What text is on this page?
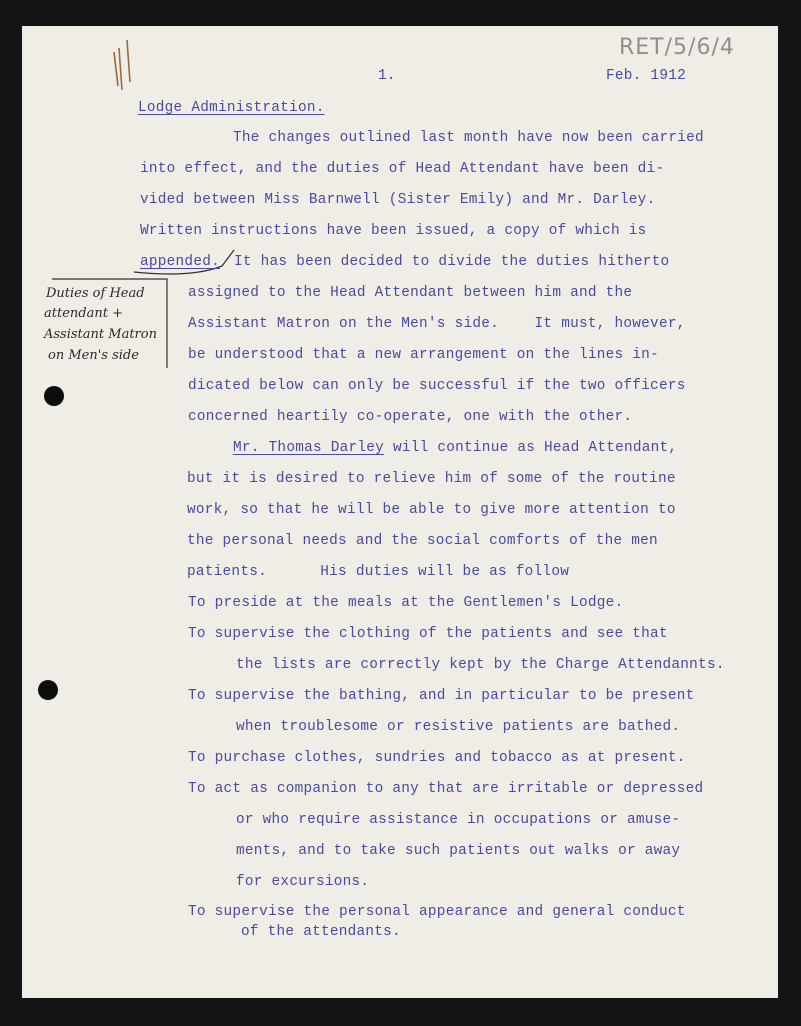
RET/5/6/4
1.	Feb. 1912
Lodge Administration.
The changes outlined last month have now been carried
into effect, and the duties of Head Attendant have been di-
vided between Miss Barnwell (Sister Emily) and Mr. Darley.
Written instructions have been issued, a copy of which is
appended. It has been decided to divide the duties hitherto
assigned to the Head Attendant between him and the
Assistant Matron on the Men's side.    It must, however,
be understood that a new arrangement on the lines in-
dicated below can only be successful if the two officers
concerned heartily co-operate, one with the other.
Duties of Head
attendant +
Assistant Matron
on Men's side
Mr. Thomas Darley will continue as Head Attendant,
but it is desired to relieve him of some of the routine
work, so that he will be able to give more attention to
the personal needs and the social comforts of the men
patients.      His duties will be as follow
To preside at the meals at the Gentlemen's Lodge.
To supervise the clothing of the patients and see that
the lists are correctly kept by the Charge Attendannts.
To supervise the bathing, and in particular to be present
when troublesome or resistive patients are bathed.
To purchase clothes, sundries and tobacco as at present.
To act as companion to any that are irritable or depressed
or who require assistance in occupations or amuse-
ments, and to take such patients out walks or away
for excursions.
To supervise the personal appearance and general conduct
of the attendants.
